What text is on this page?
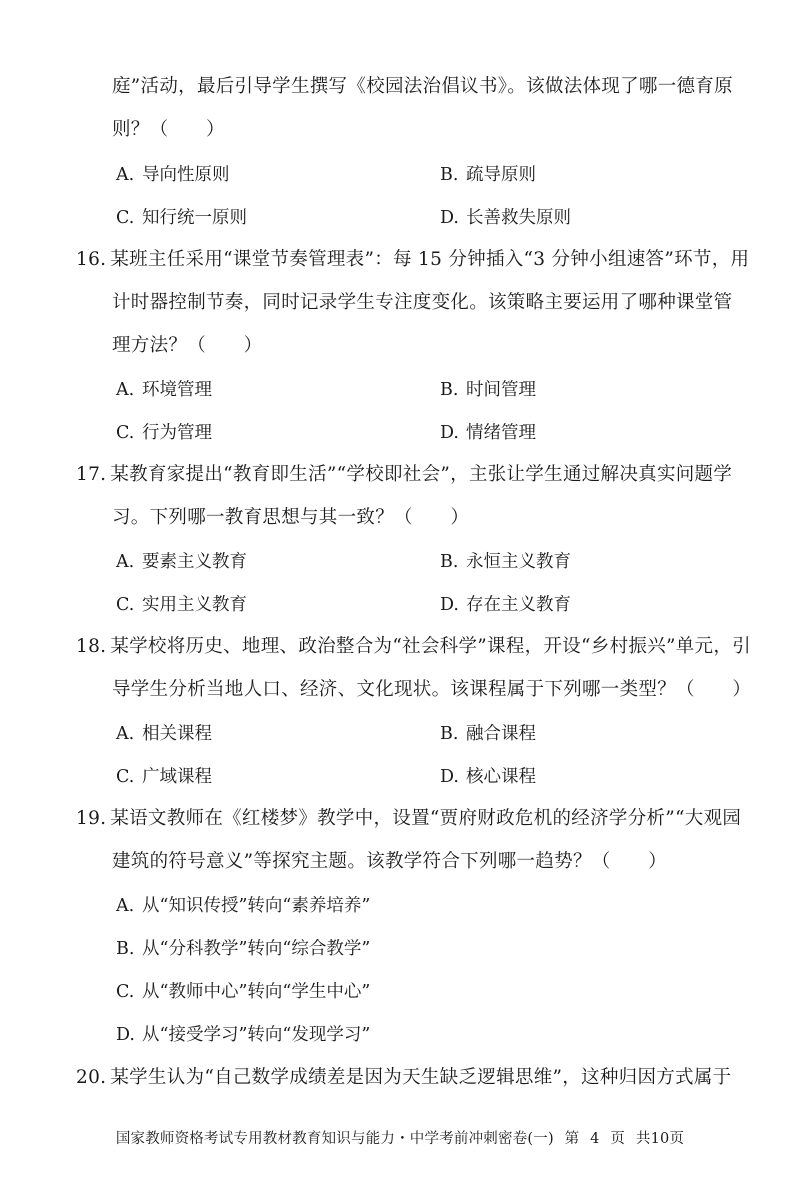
庭”活动，最后引导学生撰写《校园法治倡议书》。该做法体现了哪一德育原
则？（　　）
A. 导向性原则	B. 疏导原则
C. 知行统一原则	D. 长善救失原则
16. 某班主任采用“课堂节奏管理表”：每 15 分钟插入“3 分钟小组速答”环节，用
计时器控制节奏，同时记录学生专注度变化。该策略主要运用了哪种课堂管
理方法？（　　）
A. 环境管理	B. 时间管理
C. 行为管理	D. 情绪管理
17. 某教育家提出“教育即生活”“学校即社会”，主张让学生通过解决真实问题学
习。下列哪一教育思想与其一致？（　　）
A. 要素主义教育	B. 永恒主义教育
C. 实用主义教育	D. 存在主义教育
18. 某学校将历史、地理、政治整合为“社会科学”课程，开设“乡村振兴”单元，引
导学生分析当地人口、经济、文化现状。该课程属于下列哪一类型？（　　）
A. 相关课程	B. 融合课程
C. 广域课程	D. 核心课程
19. 某语文教师在《红楼梦》教学中，设置“贾府财政危机的经济学分析”“大观园
建筑的符号意义”等探究主题。该教学符合下列哪一趋势？（　　）
A. 从“知识传授”转向“素养培养”
B. 从“分科教学”转向“综合教学”
C. 从“教师中心”转向“学生中心”
D. 从“接受学习”转向“发现学习”
20. 某学生认为“自己数学成绩差是因为天生缺乏逻辑思维”，这种归因方式属于
国家教师资格考试专用教材教育知识与能力・中学考前冲刺密卷(一) 第 4 页 共10页
